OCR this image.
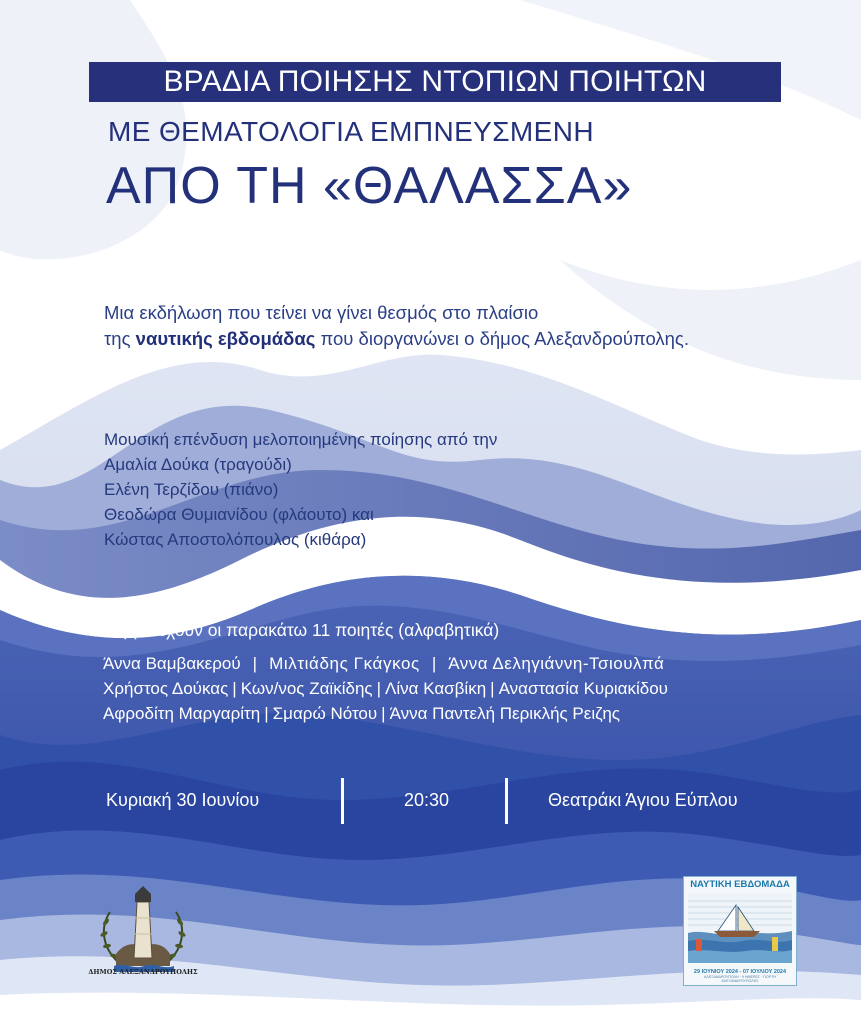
ΒΡΑΔΙΑ ΠΟΙΗΣΗΣ ΝΤΟΠΙΩΝ ΠΟΙΗΤΩΝ
ΜΕ ΘΕΜΑΤΟΛΟΓΙΑ ΕΜΠΝΕΥΣΜΕΝΗ
ΑΠΟ ΤΗ «ΘΑΛΑΣΣΑ»
Μια εκδήλωση που τείνει να γίνει θεσμός στο πλαίσιο
της ναυτικής εβδομάδας που διοργανώνει ο δήμος Αλεξανδρούπολης.
Μουσική επένδυση μελοποιημένης ποίησης από την
Αμαλία Δούκα (τραγούδι)
Ελένη Τερζίδου (πιάνο)
Θεοδώρα Θυμιανίδου (φλάουτο) και
Κώστας Αποστολόπουλος (κιθάρα)
Συμμετέχουν οι παρακάτω 11 ποιητές (αλφαβητικά)
Άννα Βαμβακερού | Μιλτιάδης Γκάγκος | Άννα Δεληγιάννη-Τσιουλπά
Χρήστος Δούκας | Κων/νος Ζαϊκίδης | Λίνα Κασβίκη | Αναστασία Κυριακίδου
Αφροδίτη Μαργαρίτη | Σμαρώ Νότου | Άννα Παντελή Περικλής Ρειζης
Κυριακή 30 Ιουνίου	20:30	Θεατράκι Άγιου Εύπλου
ΔΗΜΟΣ ΑΛΕΞΑΝΔΡΟΥΠΟΛΗΣ
ΝΑΥΤΙΚΗ ΕΒΔΟΜΑΔΑ
29 ΙΟΥΝΙΟΥ 2024 - 07 ΙΟΥΛΙΟΥ 2024
ΑΛΕΞΑΝΔΡΟΥΠΟΛΗ · 9 ΗΜΕΡΕΣ · ΓΙΟΡΤΗ ΑΛΕΞΑΝΔΡΟΥΠΟΛΗΣ
